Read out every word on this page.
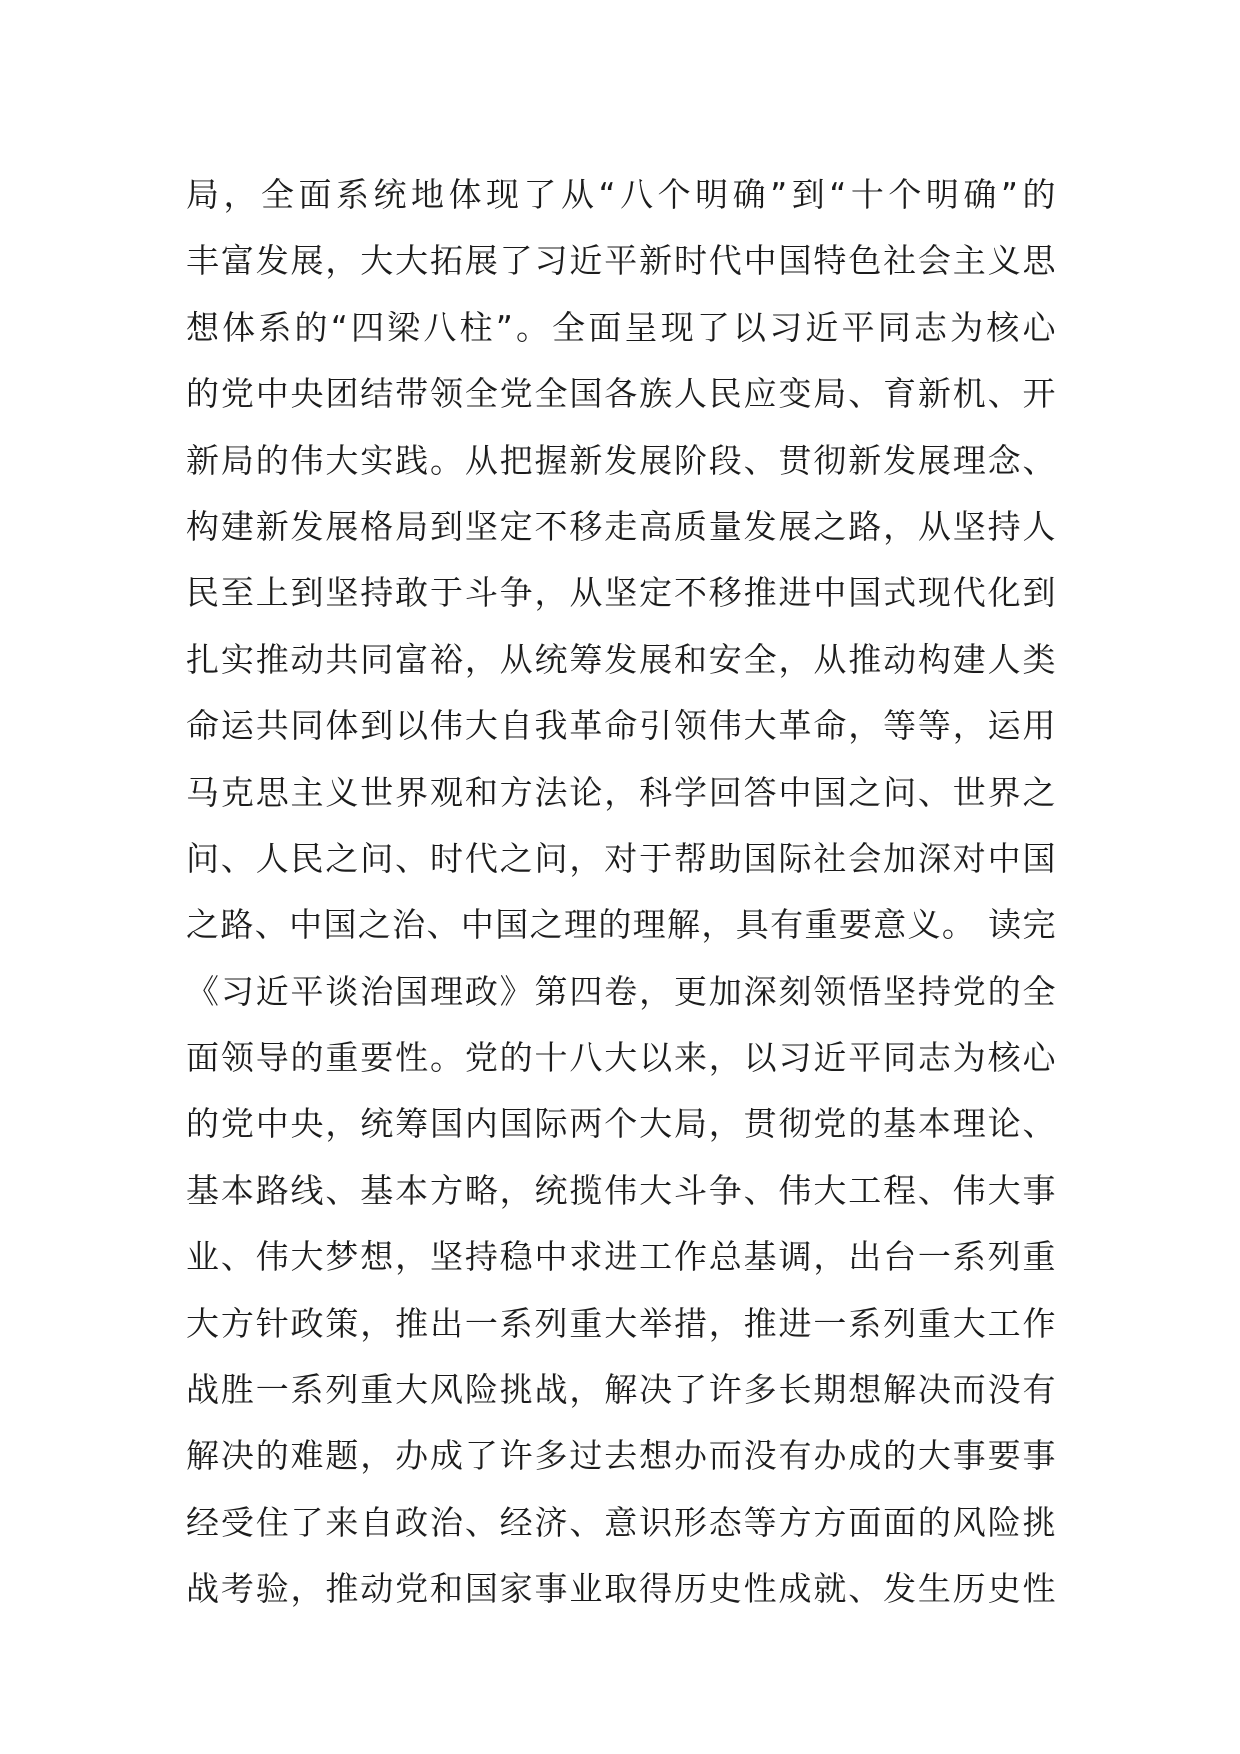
局，全面系统地体现了从“八个明确”到“十个明确”的
丰富发展，大大拓展了习近平新时代中国特色社会主义思
想体系的“四梁八柱”。全面呈现了以习近平同志为核心
的党中央团结带领全党全国各族人民应变局、育新机、开
新局的伟大实践。从把握新发展阶段、贯彻新发展理念、
构建新发展格局到坚定不移走高质量发展之路，从坚持人
民至上到坚持敢于斗争，从坚定不移推进中国式现代化到
扎实推动共同富裕，从统筹发展和安全，从推动构建人类
命运共同体到以伟大自我革命引领伟大革命，等等，运用
马克思主义世界观和方法论，科学回答中国之问、世界之
问、人民之问、时代之问，对于帮助国际社会加深对中国
之路、中国之治、中国之理的理解，具有重要意义。 读完
《习近平谈治国理政》第四卷，更加深刻领悟坚持党的全
面领导的重要性。党的十八大以来，以习近平同志为核心
的党中央，统筹国内国际两个大局，贯彻党的基本理论、
基本路线、基本方略，统揽伟大斗争、伟大工程、伟大事
业、伟大梦想，坚持稳中求进工作总基调，出台一系列重
大方针政策，推出一系列重大举措，推进一系列重大工作
战胜一系列重大风险挑战，解决了许多长期想解决而没有
解决的难题，办成了许多过去想办而没有办成的大事要事
经受住了来自政治、经济、意识形态等方方面面的风险挑
战考验，推动党和国家事业取得历史性成就、发生历史性
